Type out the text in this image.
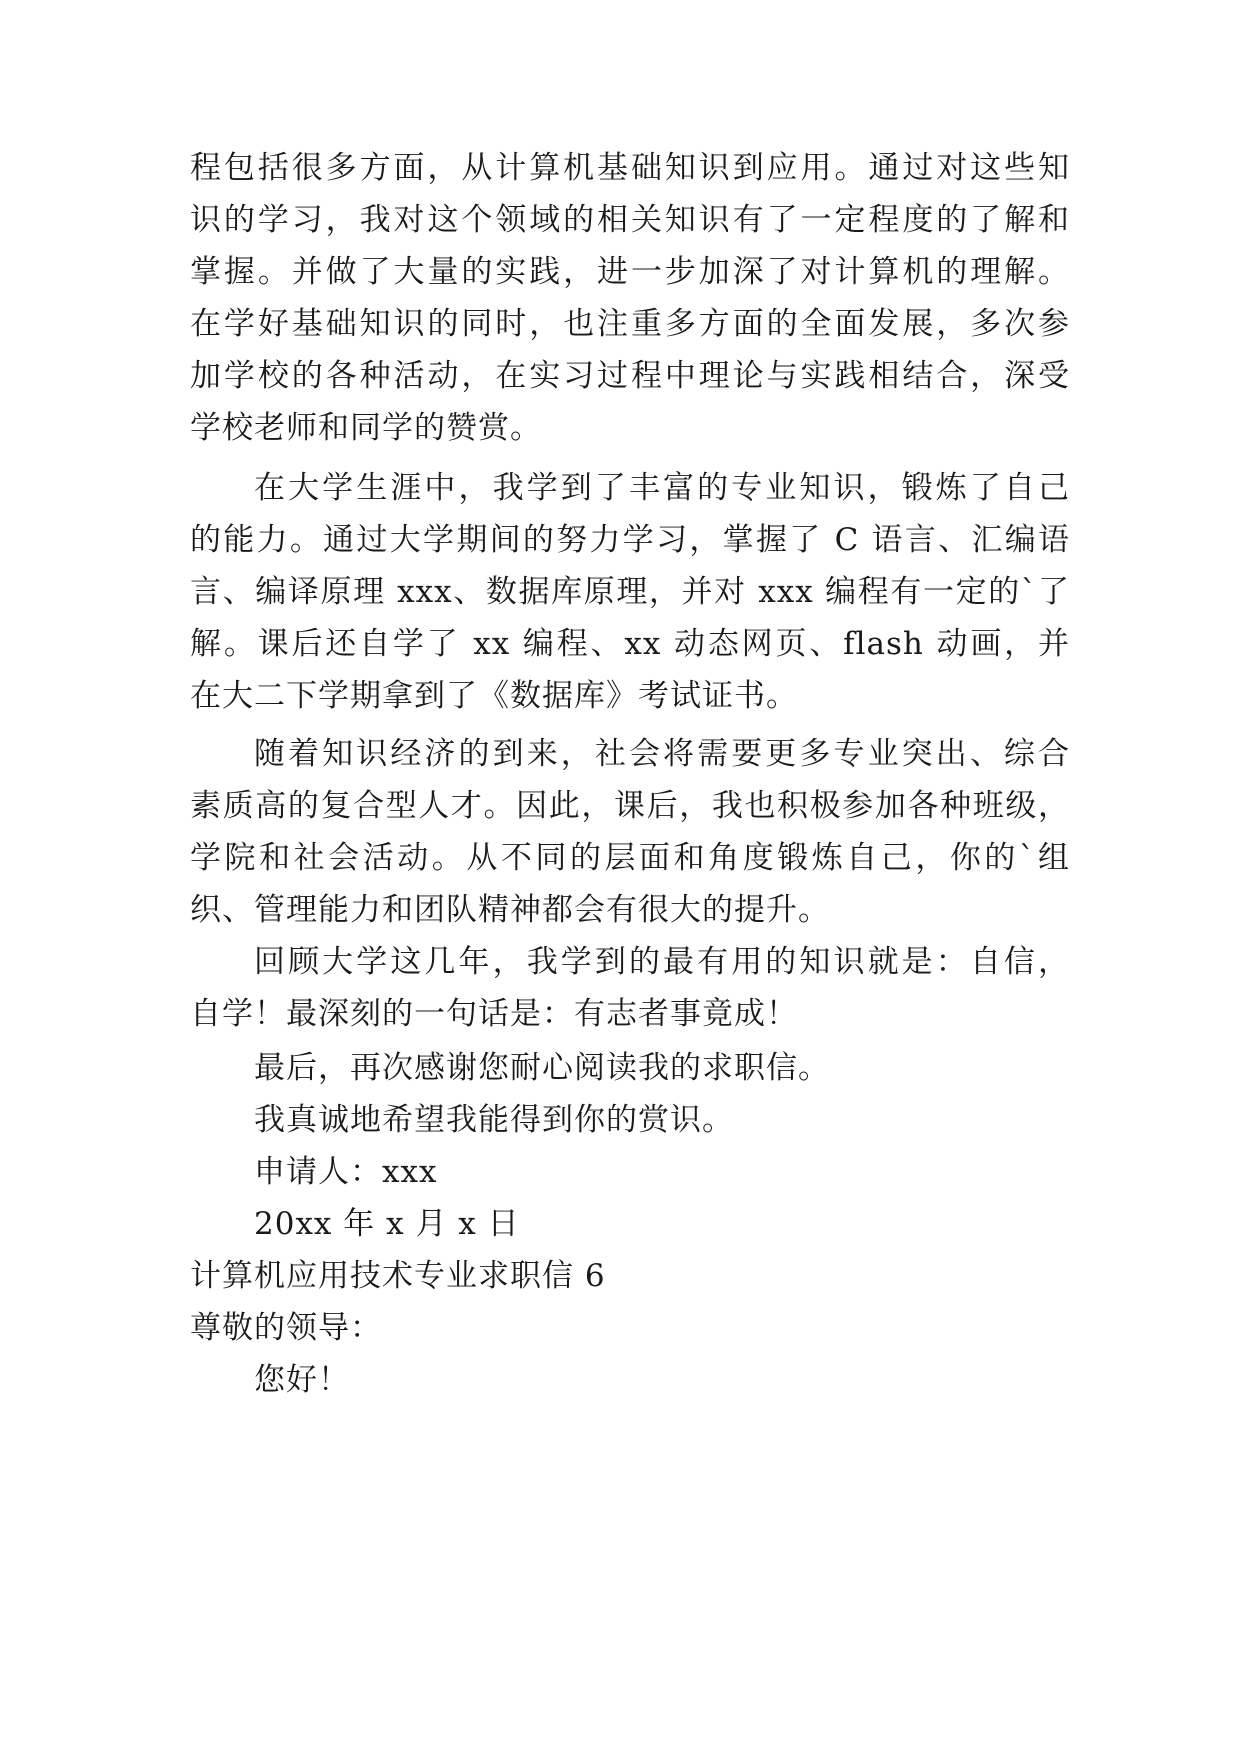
程包括很多方面，从计算机基础知识到应用。通过对这些知
识的学习，我对这个领域的相关知识有了一定程度的了解和
掌握。并做了大量的实践，进一步加深了对计算机的理解。
在学好基础知识的同时，也注重多方面的全面发展，多次参
加学校的各种活动，在实习过程中理论与实践相结合，深受
学校老师和同学的赞赏。
在大学生涯中，我学到了丰富的专业知识，锻炼了自己
的能力。通过大学期间的努力学习，掌握了 C 语言、汇编语
言、编译原理 xxx、数据库原理，并对 xxx 编程有一定的`了
解。课后还自学了 xx 编程、xx 动态网页、flash 动画，并
在大二下学期拿到了《数据库》考试证书。
随着知识经济的到来，社会将需要更多专业突出、综合
素质高的复合型人才。因此，课后，我也积极参加各种班级，
学院和社会活动。从不同的层面和角度锻炼自己，你的`组
织、管理能力和团队精神都会有很大的提升。
回顾大学这几年，我学到的最有用的知识就是：自信，
自学！最深刻的一句话是：有志者事竟成！
最后，再次感谢您耐心阅读我的求职信。
我真诚地希望我能得到你的赏识。
申请人：xxx
20xx 年 x 月 x 日
计算机应用技术专业求职信 6
尊敬的领导：
您好！
